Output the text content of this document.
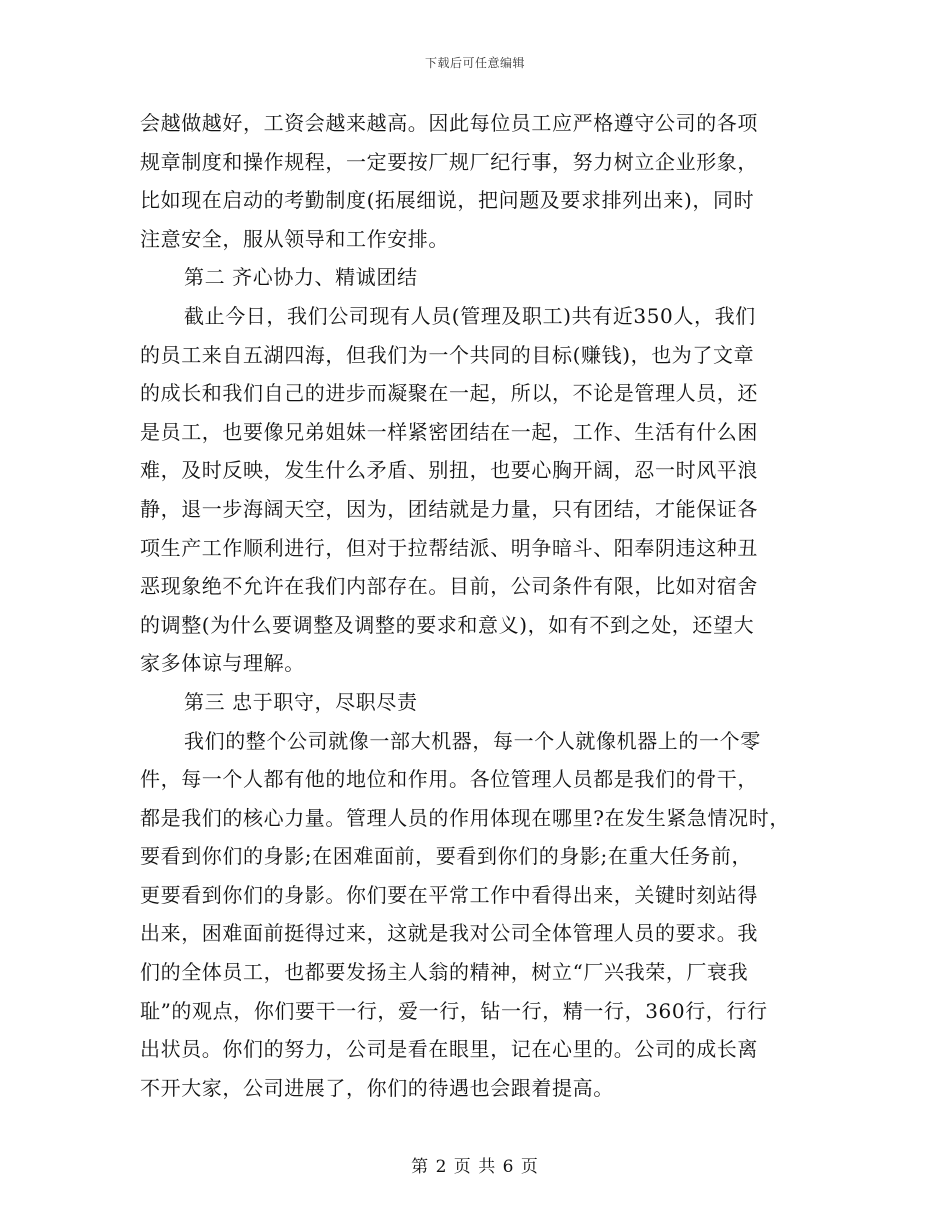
下载后可任意编辑
会越做越好，工资会越来越高。因此每位员工应严格遵守公司的各项
规章制度和操作规程，一定要按厂规厂纪行事，努力树立企业形象，
比如现在启动的考勤制度(拓展细说，把问题及要求排列出来)，同时
注意安全，服从领导和工作安排。
第二 齐心协力、精诚团结
截止今日，我们公司现有人员(管理及职工)共有近350人，我们
的员工来自五湖四海，但我们为一个共同的目标(赚钱)，也为了文章
的成长和我们自己的进步而凝聚在一起，所以，不论是管理人员，还
是员工，也要像兄弟姐妹一样紧密团结在一起，工作、生活有什么困
难，及时反映，发生什么矛盾、别扭，也要心胸开阔，忍一时风平浪
静，退一步海阔天空，因为，团结就是力量，只有团结，才能保证各
项生产工作顺利进行，但对于拉帮结派、明争暗斗、阳奉阴违这种丑
恶现象绝不允许在我们内部存在。目前，公司条件有限，比如对宿舍
的调整(为什么要调整及调整的要求和意义)，如有不到之处，还望大
家多体谅与理解。
第三 忠于职守，尽职尽责
我们的整个公司就像一部大机器，每一个人就像机器上的一个零
件，每一个人都有他的地位和作用。各位管理人员都是我们的骨干，
都是我们的核心力量。管理人员的作用体现在哪里?在发生紧急情况时，
要看到你们的身影;在困难面前，要看到你们的身影;在重大任务前，
更要看到你们的身影。你们要在平常工作中看得出来，关键时刻站得
出来，困难面前挺得过来，这就是我对公司全体管理人员的要求。我
们的全体员工，也都要发扬主人翁的精神，树立“厂兴我荣，厂衰我
耻”的观点，你们要干一行，爱一行，钻一行，精一行，360行，行行
出状员。你们的努力，公司是看在眼里，记在心里的。公司的成长离
不开大家，公司进展了，你们的待遇也会跟着提高。
第 2 页 共 6 页
